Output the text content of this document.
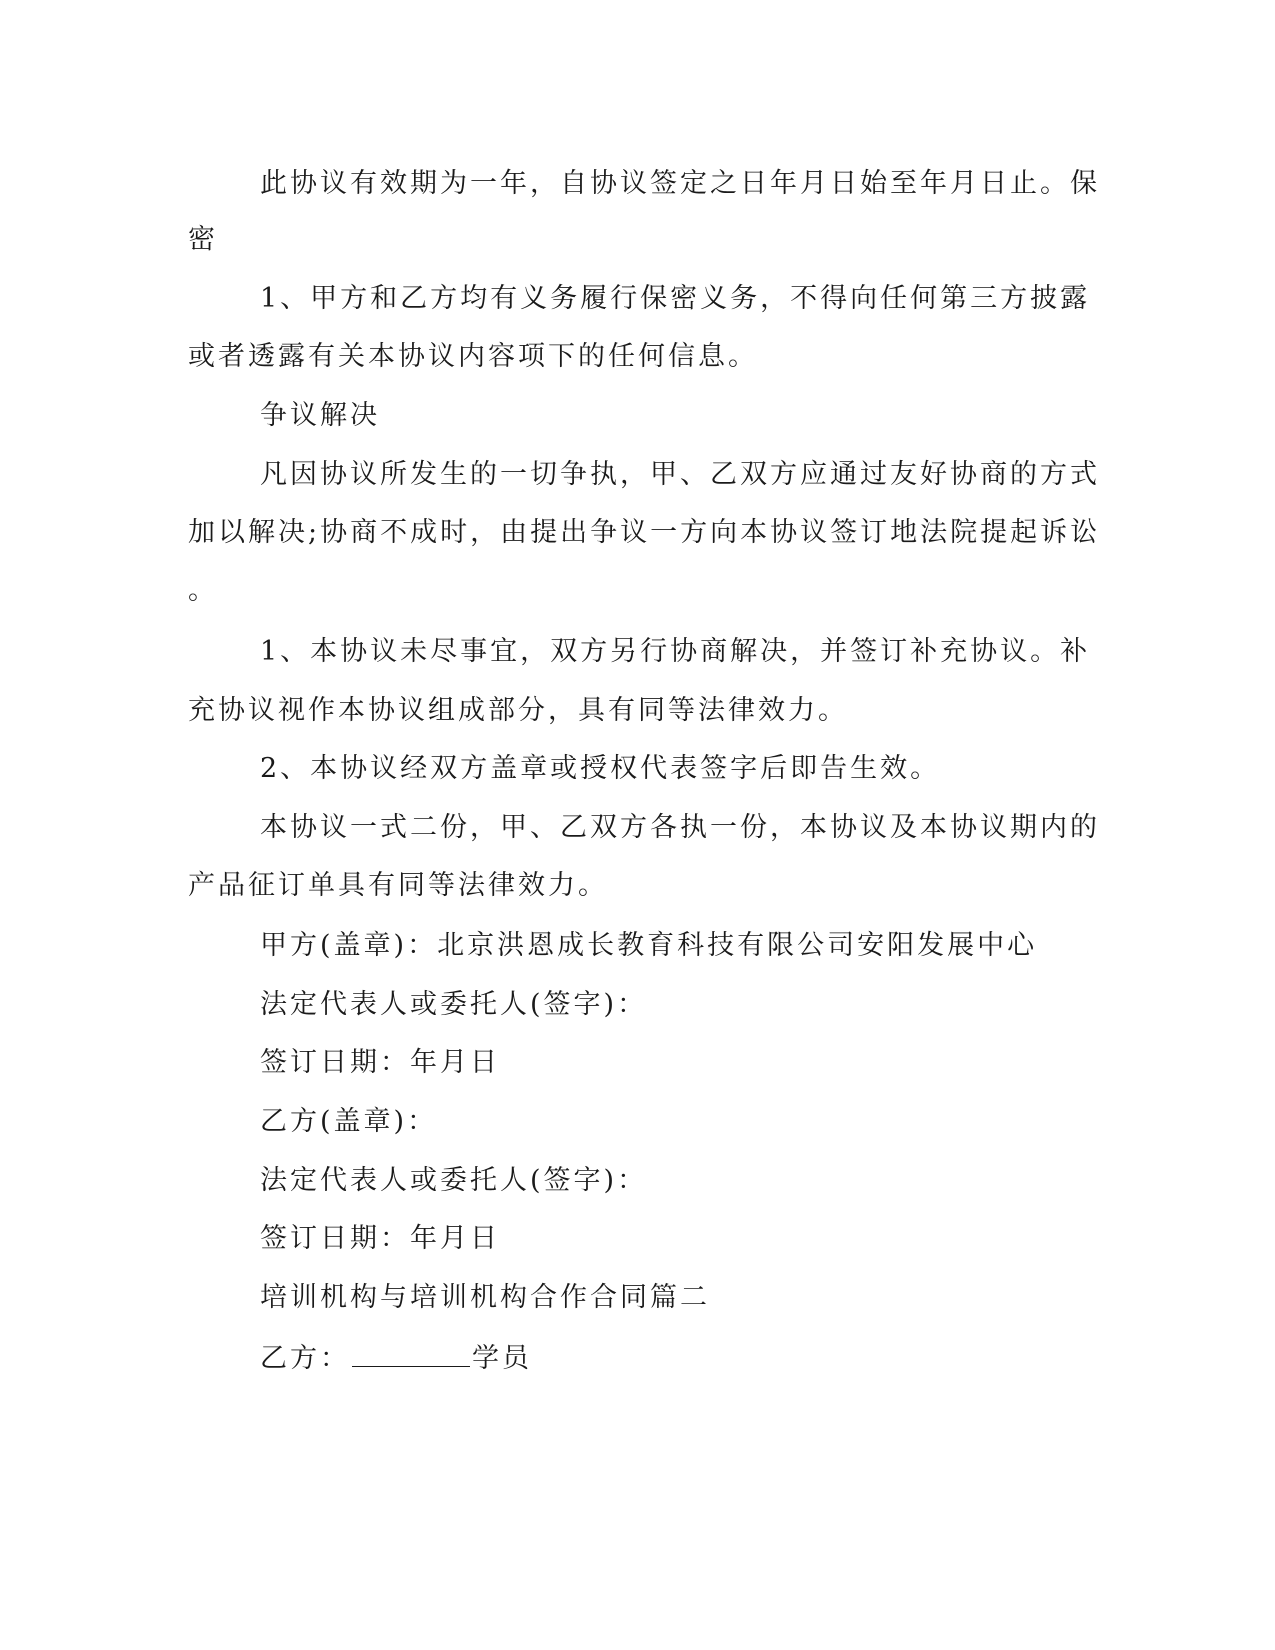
此协议有效期为一年，自协议签定之日年月日始至年月日止。保
密
1、甲方和乙方均有义务履行保密义务，不得向任何第三方披露
或者透露有关本协议内容项下的任何信息。
争议解决
凡因协议所发生的一切争执，甲、乙双方应通过友好协商的方式
加以解决;协商不成时，由提出争议一方向本协议签订地法院提起诉讼
。
1、本协议未尽事宜，双方另行协商解决，并签订补充协议。补
充协议视作本协议组成部分，具有同等法律效力。
2、本协议经双方盖章或授权代表签字后即告生效。
本协议一式二份，甲、乙双方各执一份，本协议及本协议期内的
产品征订单具有同等法律效力。
甲方(盖章)：北京洪恩成长教育科技有限公司安阳发展中心
法定代表人或委托人(签字)：
签订日期：年月日
乙方(盖章)：
法定代表人或委托人(签字)：
签订日期：年月日
培训机构与培训机构合作合同篇二
乙方：	学员
